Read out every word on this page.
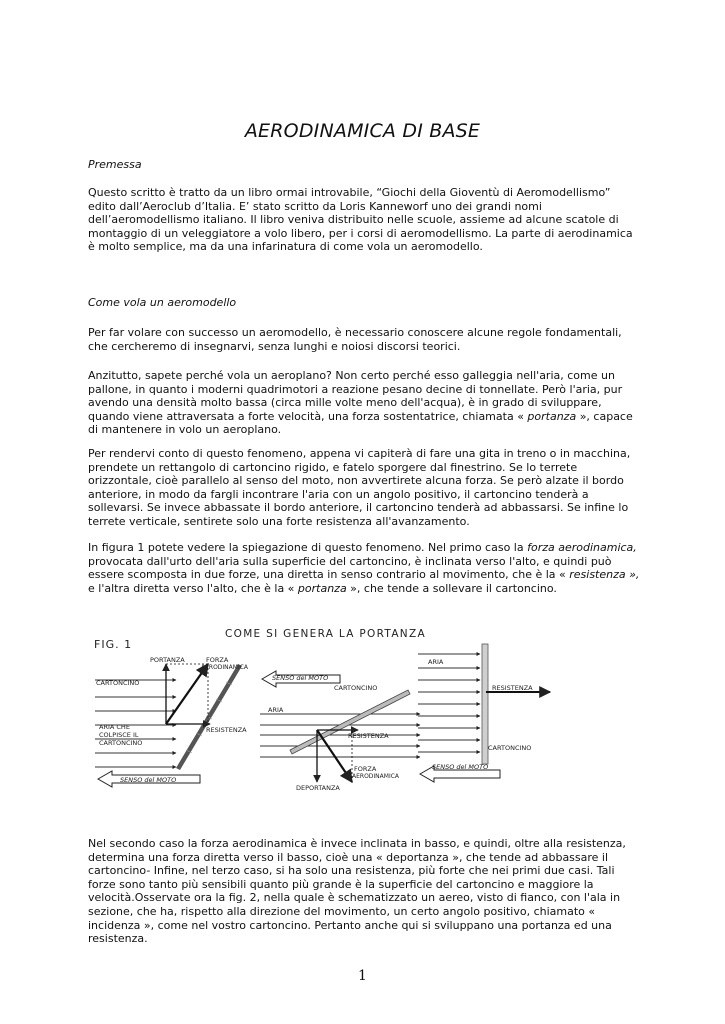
AERODINAMICA DI BASE

Premessa

Questo scritto è tratto da un libro ormai introvabile, “Giochi della Gioventù di Aeromodellismo” edito dall’Aeroclub d’Italia. E’ stato scritto da Loris Kanneworf uno dei grandi nomi dell’aeromodellismo italiano. Il libro veniva distribuito nelle scuole, assieme ad alcune scatole di montaggio di un veleggiatore a volo libero, per i corsi di aeromodellismo. La parte di aerodinamica è molto semplice, ma da una infarinatura di come vola un aeromodello.

Come vola un aeromodello

Per far volare con successo un aeromodello, è necessario conoscere alcune regole fondamentali, che cercheremo di insegnarvi, senza lunghi e noiosi discorsi teorici.

Anzitutto, sapete perché vola un aeroplano? Non certo perché esso galleggia nell'aria, come un pallone, in quanto i moderni quadrimotori a reazione pesano decine di tonnellate. Però l'aria, pur avendo una densità molto bassa (circa mille volte meno dell'acqua), è in grado di sviluppare, quando viene attraversata a forte velocità, una forza sostentatrice, chiamata « portanza », capace di mantenere in volo un aeroplano.

Per rendervi conto di questo fenomeno, appena vi capiterà di fare una gita in treno o in macchina, prendete un rettangolo di cartoncino rigido, e fatelo sporgere dal finestrino. Se lo terrete orizzontale, cioè parallelo al senso del moto, non avvertirete alcuna forza. Se però alzate il bordo anteriore, in modo da fargli incontrare l'aria con un angolo positivo, il cartoncino tenderà a sollevarsi. Se invece abbassate il bordo anteriore, il cartoncino tenderà ad abbassarsi. Se infine lo terrete verticale, sentirete solo una forte resistenza all'avanzamento.

In figura 1 potete vedere la spiegazione di questo fenomeno. Nel primo caso la forza aerodinamica, provocata dall'urto dell'aria sulla superficie del cartoncino, è inclinata verso l'alto, e quindi può essere scomposta in due forze, una diretta in senso contrario al movimento, che è la « resistenza », e l'altra diretta verso l'alto, che è la « portanza », che tende a sollevare il cartoncino.

FIG. 1
COME SI GENERA LA PORTANZA
PORTANZA	FORZA
AERODINAMICA
CARTONCINO
ARIA CHE
COLPISCE IL
CARTONCINO
RESISTENZA
SENSO del MOTO
SENSO del MOTO
CARTONCINO
ARIA
RESISTENZA
FORZA
AERODINAMICA
DEPORTANZA
ARIA
RESISTENZA
CARTONCINO
SENSO del MOTO

Nel secondo caso la forza aerodinamica è invece inclinata in basso, e quindi, oltre alla resistenza, determina una forza diretta verso il basso, cioè una « deportanza », che tende ad abbassare il cartoncino- Infine, nel terzo caso, si ha solo una resistenza, più forte che nei primi due casi. Tali forze sono tanto più sensibili quanto più grande è la superficie del cartoncino e maggiore la velocità.Osservate ora la fig. 2, nella quale è schematizzato un aereo, visto di fianco, con l'ala in sezione, che ha, rispetto alla direzione del movimento, un certo angolo positivo, chiamato « incidenza », come nel vostro cartoncino. Pertanto anche qui si sviluppano una portanza ed una resistenza.

1
